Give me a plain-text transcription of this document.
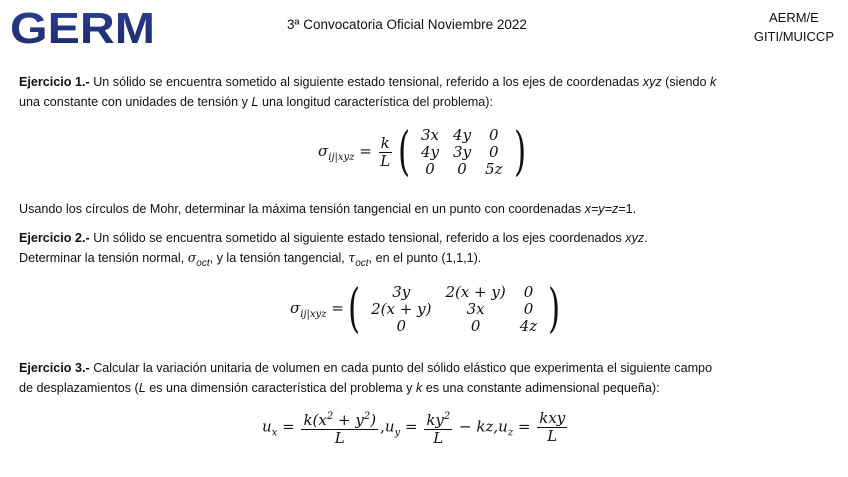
GERM	3ª Convocatoria Oficial Noviembre 2022	AERM/E
GITI/MUICCP
Ejercicio 1.- Un sólido se encuentra sometido al siguiente estado tensional, referido a los ejes de coordenadas xyz (siendo k
una constante con unidades de tensión y L una longitud característica del problema):
$\sigma_{ij|xyz} = \frac{k}{L}$ ( 3x	4y	0
4y	3y	0
0	0	5z )
Usando los círculos de Mohr, determinar la máxima tensión tangencial en un punto con coordenadas x=y=z=1.
Ejercicio 2.- Un sólido se encuentra sometido al siguiente estado tensional, referido a los ejes coordenados xyz.
Determinar la tensión normal, $\sigma_{oct}$, y la tensión tangencial, $\tau_{oct}$, en el punto (1,1,1).
$\sigma_{ij|xyz}$ = ( 3y	2(x + y)	0
2(x + y)	3x	0
0	0	4z )
Ejercicio 3.- Calcular la variación unitaria de volumen en cada punto del sólido elástico que experimenta el siguiente campo
de desplazamientos (L es una dimensión característica del problema y k es una constante adimensional pequeña):
$u_x = \frac{k(x^2 + y^2)}{L} ,u_y = \frac{ky^2}{L} - kz,u_z = \frac{\text{kxy}}{L}$
